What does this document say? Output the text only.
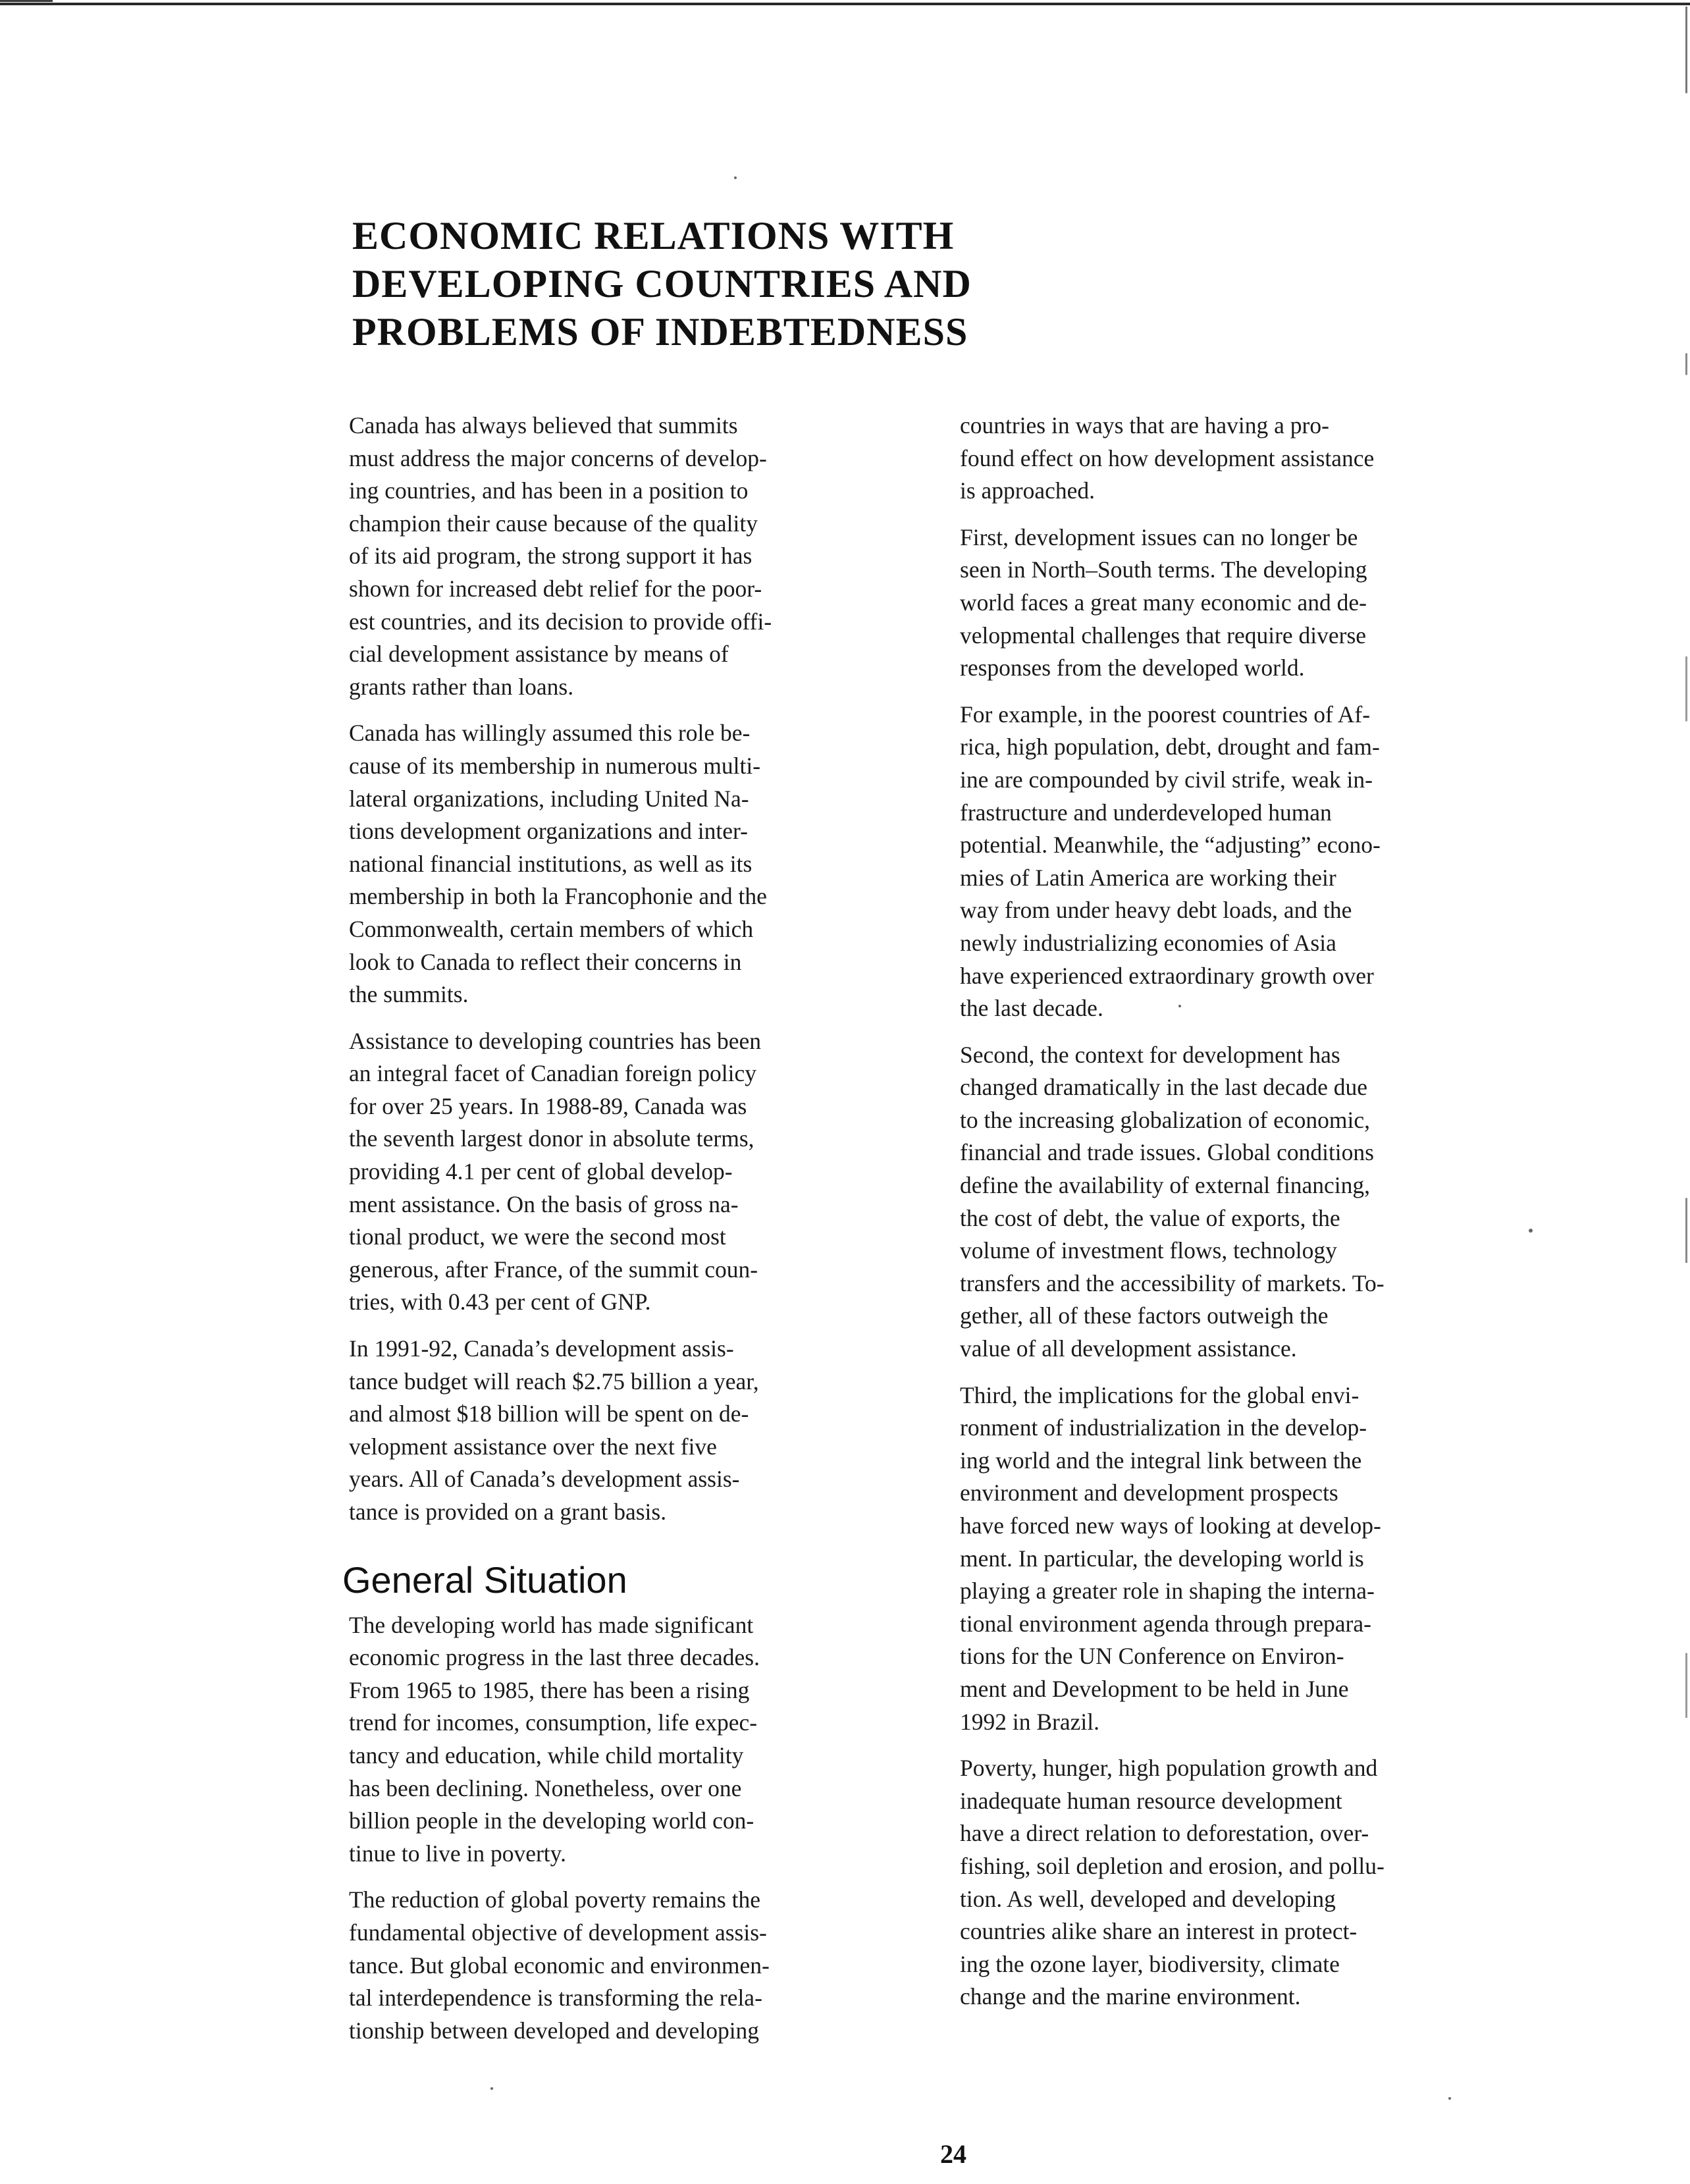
ECONOMIC RELATIONS WITH
DEVELOPING COUNTRIES AND
PROBLEMS OF INDEBTEDNESS

Canada has always believed that summits
must address the major concerns of develop-
ing countries, and has been in a position to
champion their cause because of the quality
of its aid program, the strong support it has
shown for increased debt relief for the poor-
est countries, and its decision to provide offi-
cial development assistance by means of
grants rather than loans.

Canada has willingly assumed this role be-
cause of its membership in numerous multi-
lateral organizations, including United Na-
tions development organizations and inter-
national financial institutions, as well as its
membership in both la Francophonie and the
Commonwealth, certain members of which
look to Canada to reflect their concerns in
the summits.

Assistance to developing countries has been
an integral facet of Canadian foreign policy
for over 25 years. In 1988-89, Canada was
the seventh largest donor in absolute terms,
providing 4.1 per cent of global develop-
ment assistance. On the basis of gross na-
tional product, we were the second most
generous, after France, of the summit coun-
tries, with 0.43 per cent of GNP.

In 1991-92, Canada’s development assis-
tance budget will reach $2.75 billion a year,
and almost $18 billion will be spent on de-
velopment assistance over the next five
years. All of Canada’s development assis-
tance is provided on a grant basis.

General Situation

The developing world has made significant
economic progress in the last three decades.
From 1965 to 1985, there has been a rising
trend for incomes, consumption, life expec-
tancy and education, while child mortality
has been declining. Nonetheless, over one
billion people in the developing world con-
tinue to live in poverty.

The reduction of global poverty remains the
fundamental objective of development assis-
tance. But global economic and environmen-
tal interdependence is transforming the rela-
tionship between developed and developing

countries in ways that are having a pro-
found effect on how development assistance
is approached.

First, development issues can no longer be
seen in North–South terms. The developing
world faces a great many economic and de-
velopmental challenges that require diverse
responses from the developed world.

For example, in the poorest countries of Af-
rica, high population, debt, drought and fam-
ine are compounded by civil strife, weak in-
frastructure and underdeveloped human
potential. Meanwhile, the “adjusting” econo-
mies of Latin America are working their
way from under heavy debt loads, and the
newly industrializing economies of Asia
have experienced extraordinary growth over
the last decade.

Second, the context for development has
changed dramatically in the last decade due
to the increasing globalization of economic,
financial and trade issues. Global conditions
define the availability of external financing,
the cost of debt, the value of exports, the
volume of investment flows, technology
transfers and the accessibility of markets. To-
gether, all of these factors outweigh the
value of all development assistance.

Third, the implications for the global envi-
ronment of industrialization in the develop-
ing world and the integral link between the
environment and development prospects
have forced new ways of looking at develop-
ment. In particular, the developing world is
playing a greater role in shaping the interna-
tional environment agenda through prepara-
tions for the UN Conference on Environ-
ment and Development to be held in June
1992 in Brazil.

Poverty, hunger, high population growth and
inadequate human resource development
have a direct relation to deforestation, over-
fishing, soil depletion and erosion, and pollu-
tion. As well, developed and developing
countries alike share an interest in protect-
ing the ozone layer, biodiversity, climate
change and the marine environment.

24
